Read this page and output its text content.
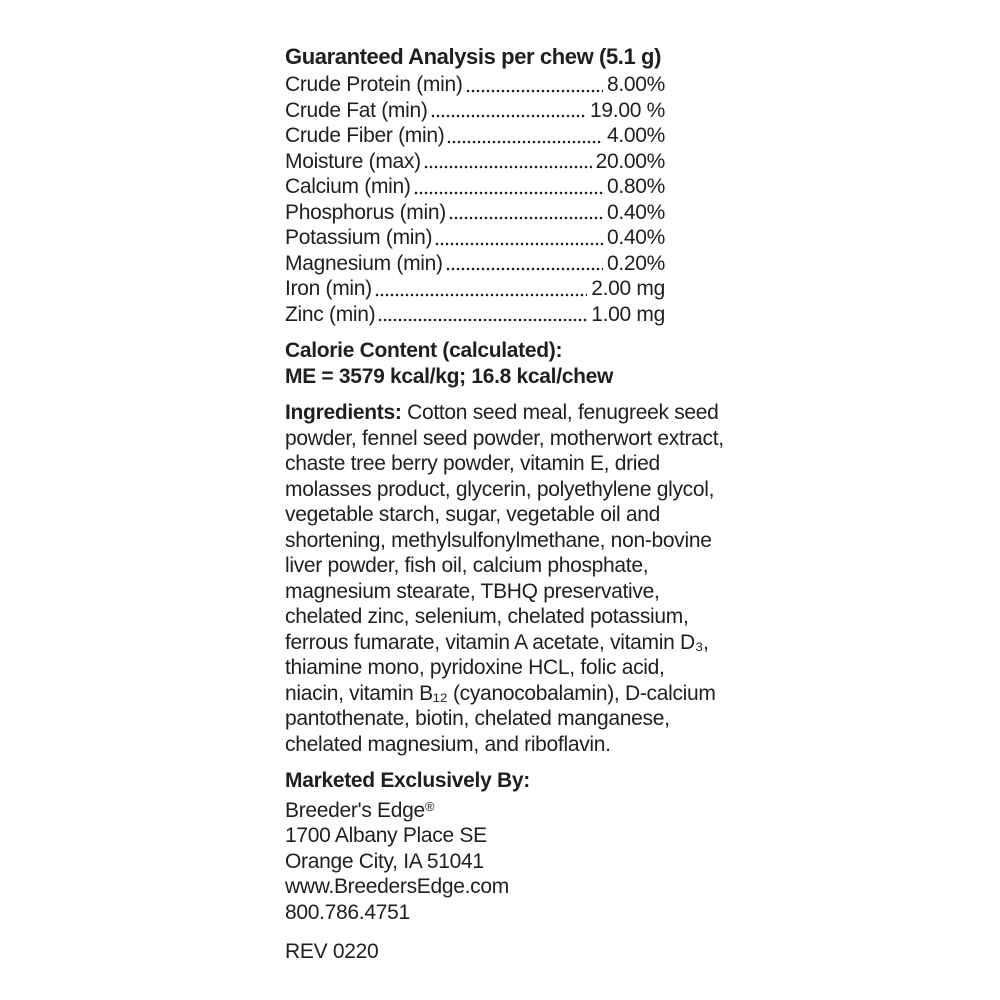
Guaranteed Analysis per chew (5.1 g)
Crude Protein (min)	8.00%
Crude Fat (min)	19.00 %
Crude Fiber (min)	4.00%
Moisture (max)	20.00%
Calcium (min)	0.80%
Phosphorus (min)	0.40%
Potassium (min)	0.40%
Magnesium (min)	0.20%
Iron (min)	2.00 mg
Zinc (min)	1.00 mg
Calorie Content (calculated):
ME = 3579 kcal/kg; 16.8 kcal/chew
Ingredients: Cotton seed meal, fenugreek seed
powder, fennel seed powder, motherwort extract,
chaste tree berry powder, vitamin E, dried
molasses product, glycerin, polyethylene glycol,
vegetable starch, sugar, vegetable oil and
shortening, methylsulfonylmethane, non-bovine
liver powder, fish oil, calcium phosphate,
magnesium stearate, TBHQ preservative,
chelated zinc, selenium, chelated potassium,
ferrous fumarate, vitamin A acetate, vitamin D₃,
thiamine mono, pyridoxine HCL, folic acid,
niacin, vitamin B₁₂ (cyanocobalamin), D-calcium
pantothenate, biotin, chelated manganese,
chelated magnesium, and riboflavin.
Marketed Exclusively By:
Breeder's Edge®
1700 Albany Place SE
Orange City, IA 51041
www.BreedersEdge.com
800.786.4751
REV 0220
